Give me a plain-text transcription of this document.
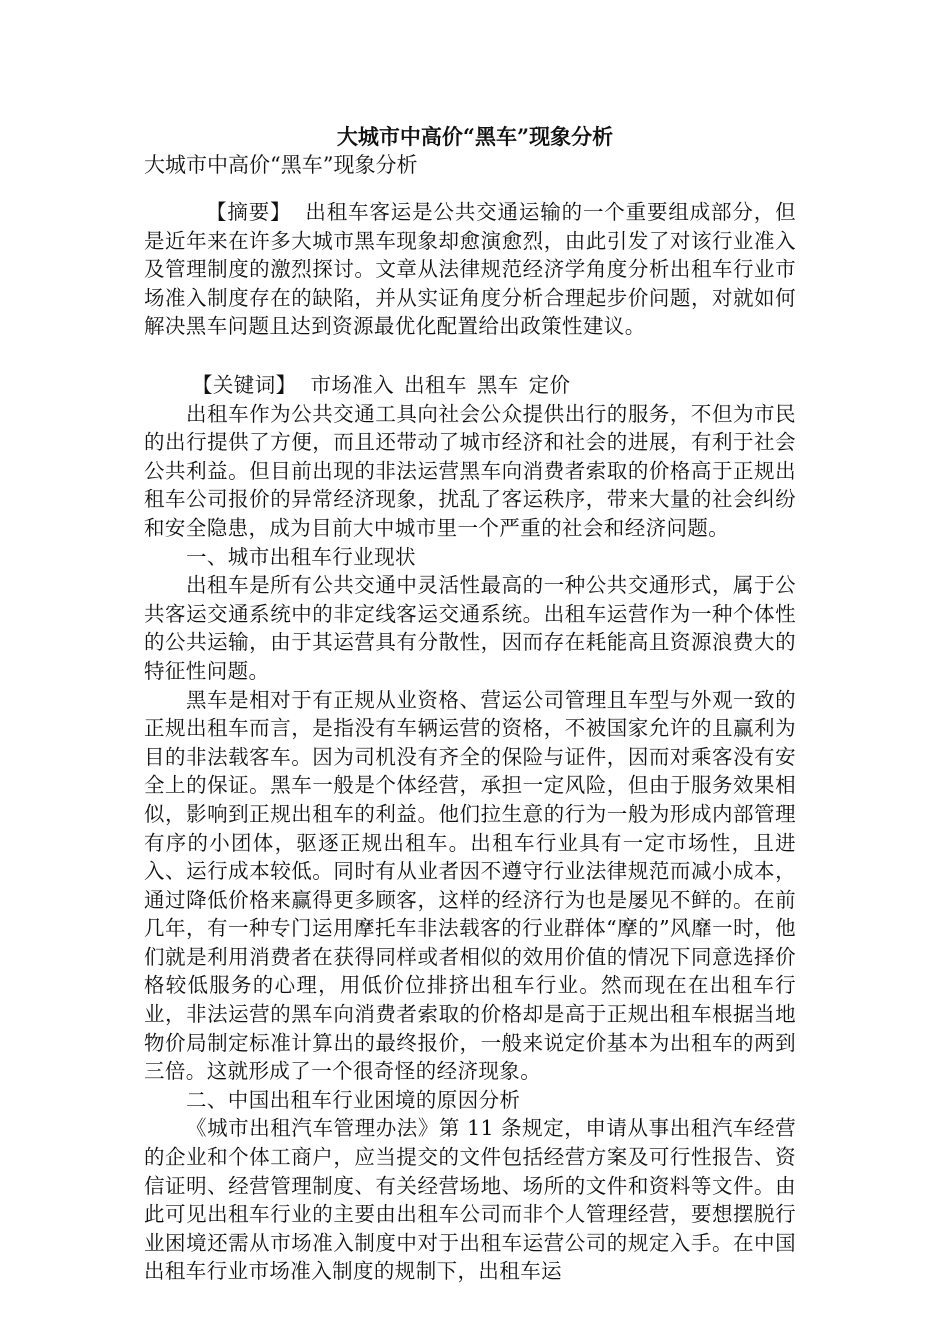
大城市中高价“黑车”现象分析
大城市中高价“黑车”现象分析
【摘要】 出租车客运是公共交通运输的一个重要组成部分，但是近年来在许多大城市黑车现象却愈演愈烈，由此引发了对该行业准入及管理制度的激烈探讨。文章从法律规范经济学角度分析出租车行业市场准入制度存在的缺陷，并从实证角度分析合理起步价问题，对就如何解决黑车问题且达到资源最优化配置给出政策性建议。

【关键词】 市场准入 出租车 黑车 定价

出租车作为公共交通工具向社会公众提供出行的服务，不但为市民的出行提供了方便，而且还带动了城市经济和社会的进展，有利于社会公共利益。但目前出现的非法运营黑车向消费者索取的价格高于正规出租车公司报价的异常经济现象，扰乱了客运秩序，带来大量的社会纠纷和安全隐患，成为目前大中城市里一个严重的社会和经济问题。

一、城市出租车行业现状

出租车是所有公共交通中灵活性最高的一种公共交通形式，属于公共客运交通系统中的非定线客运交通系统。出租车运营作为一种个体性的公共运输，由于其运营具有分散性，因而存在耗能高且资源浪费大的特征性问题。

黑车是相对于有正规从业资格、营运公司管理且车型与外观一致的正规出租车而言，是指没有车辆运营的资格，不被国家允许的且赢利为目的非法载客车。因为司机没有齐全的保险与证件，因而对乘客没有安全上的保证。黑车一般是个体经营，承担一定风险，但由于服务效果相似，影响到正规出租车的利益。他们拉生意的行为一般为形成内部管理有序的小团体，驱逐正规出租车。出租车行业具有一定市场性，且进入、运行成本较低。同时有从业者因不遵守行业法律规范而减小成本，通过降低价格来赢得更多顾客，这样的经济行为也是屡见不鲜的。在前几年，有一种专门运用摩托车非法载客的行业群体“摩的”风靡一时，他们就是利用消费者在获得同样或者相似的效用价值的情况下同意选择价格较低服务的心理，用低价位排挤出租车行业。然而现在在出租车行业，非法运营的黑车向消费者索取的价格却是高于正规出租车根据当地物价局制定标准计算出的最终报价，一般来说定价基本为出租车的两到三倍。这就形成了一个很奇怪的经济现象。

二、中国出租车行业困境的原因分析

《城市出租汽车管理办法》第 11 条规定，申请从事出租汽车经营的企业和个体工商户，应当提交的文件包括经营方案及可行性报告、资信证明、经营管理制度、有关经营场地、场所的文件和资料等文件。由此可见出租车行业的主要由出租车公司而非个人管理经营，要想摆脱行业困境还需从市场准入制度中对于出租车运营公司的规定入手。在中国出租车行业市场准入制度的规制下，出租车运
